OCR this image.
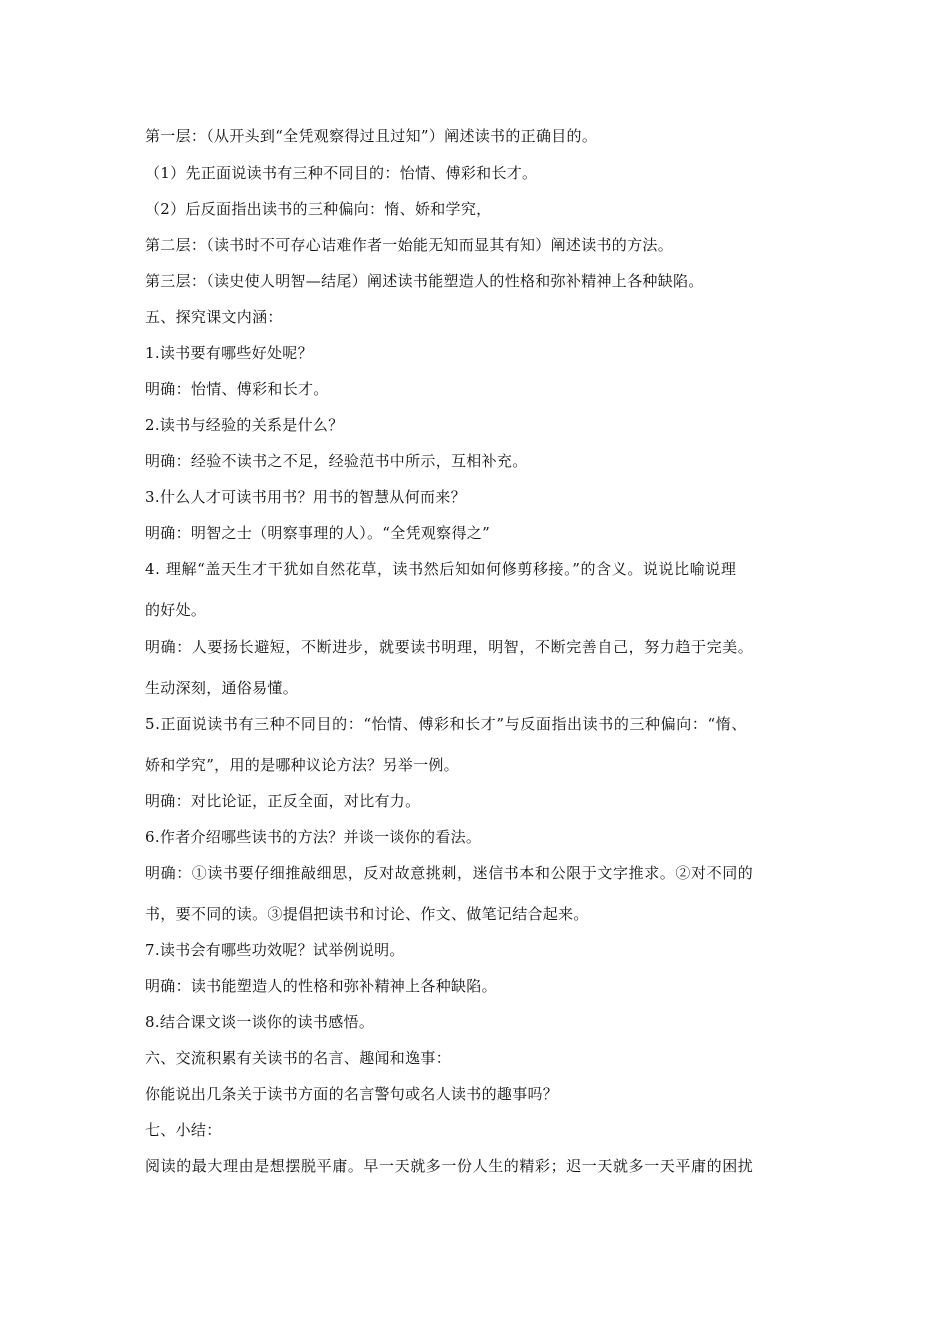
第一层：（从开头到“全凭观察得过且过知”）阐述读书的正确目的。
（1）先正面说读书有三种不同目的：怡情、傅彩和长才。
（2）后反面指出读书的三种偏向：惰、娇和学究，
第二层：（读书时不可存心诘难作者一始能无知而显其有知）阐述读书的方法。
第三层：（读史使人明智—结尾）阐述读书能塑造人的性格和弥补精神上各种缺陷。
五、探究课文内涵：
1.读书要有哪些好处呢？
明确：怡情、傅彩和长才。
2.读书与经验的关系是什么？
明确：经验不读书之不足，经验范书中所示，互相补充。
3.什么人才可读书用书？用书的智慧从何而来？
明确：明智之士（明察事理的人）。“全凭观察得之”
4. 理解“盖天生才干犹如自然花草，读书然后知如何修剪移接。”的含义。说说比喻说理
的好处。
明确：人要扬长避短，不断进步，就要读书明理，明智，不断完善自己，努力趋于完美。
生动深刻，通俗易懂。
5.正面说读书有三种不同目的：“怡情、傅彩和长才”与反面指出读书的三种偏向：“惰、
娇和学究”，用的是哪种议论方法？另举一例。
明确：对比论证，正反全面，对比有力。
6.作者介绍哪些读书的方法？并谈一谈你的看法。
明确：①读书要仔细推敲细思，反对故意挑刺，迷信书本和公限于文字推求。②对不同的
书，要不同的读。③提倡把读书和讨论、作文、做笔记结合起来。
7.读书会有哪些功效呢？试举例说明。
明确：读书能塑造人的性格和弥补精神上各种缺陷。
8.结合课文谈一谈你的读书感悟。
六、交流积累有关读书的名言、趣闻和逸事：
你能说出几条关于读书方面的名言警句或名人读书的趣事吗？
七、小结：
阅读的最大理由是想摆脱平庸。早一天就多一份人生的精彩；迟一天就多一天平庸的困扰
